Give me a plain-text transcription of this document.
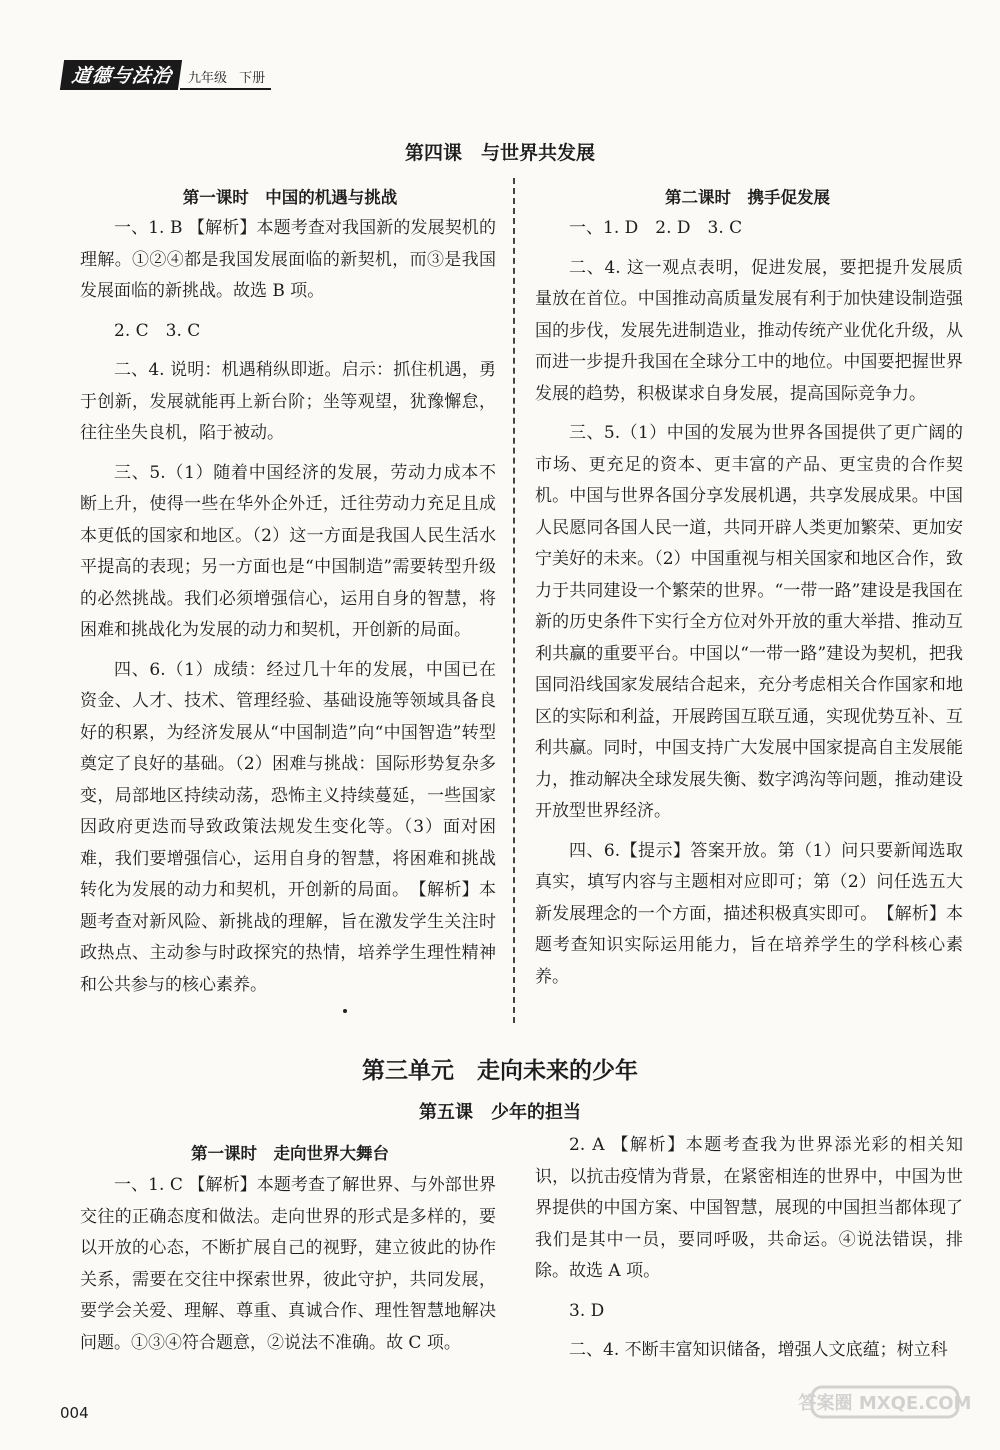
道德与法治	九年级 下册
第四课　与世界共发展
第一课时　中国的机遇与挑战	第二课时　携手促发展

一、1. B 【解析】本题考查对我国新的发展契机的理解。①②④都是我国发展面临的新契机，而③是我国发展面临的新挑战。故选 B 项。

2. C　3. C

二、4. 说明：机遇稍纵即逝。启示：抓住机遇，勇于创新，发展就能再上新台阶；坐等观望，犹豫懈怠，往往坐失良机，陷于被动。

三、5.（1）随着中国经济的发展，劳动力成本不断上升，使得一些在华外企外迁，迁往劳动力充足且成本更低的国家和地区。（2）这一方面是我国人民生活水平提高的表现；另一方面也是“中国制造”需要转型升级的必然挑战。我们必须增强信心，运用自身的智慧，将困难和挑战化为发展的动力和契机，开创新的局面。

四、6.（1）成绩：经过几十年的发展，中国已在资金、人才、技术、管理经验、基础设施等领域具备良好的积累，为经济发展从“中国制造”向“中国智造”转型奠定了良好的基础。（2）困难与挑战：国际形势复杂多变，局部地区持续动荡，恐怖主义持续蔓延，一些国家因政府更迭而导致政策法规发生变化等。（3）面对困难，我们要增强信心，运用自身的智慧，将困难和挑战转化为发展的动力和契机，开创新的局面。　【解析】本题考查对新风险、新挑战的理解，旨在激发学生关注时政热点、主动参与时政探究的热情，培养学生理性精神和公共参与的核心素养。

一、1. D　2. D　3. C

二、4. 这一观点表明，促进发展，要把提升发展质量放在首位。中国推动高质量发展有利于加快建设制造强国的步伐，发展先进制造业，推动传统产业优化升级，从而进一步提升我国在全球分工中的地位。中国要把握世界发展的趋势，积极谋求自身发展，提高国际竞争力。

三、5.（1）中国的发展为世界各国提供了更广阔的市场、更充足的资本、更丰富的产品、更宝贵的合作契机。中国与世界各国分享发展机遇，共享发展成果。中国人民愿同各国人民一道，共同开辟人类更加繁荣、更加安宁美好的未来。（2）中国重视与相关国家和地区合作，致力于共同建设一个繁荣的世界。“一带一路”建设是我国在新的历史条件下实行全方位对外开放的重大举措、推动互利共赢的重要平台。中国以“一带一路”建设为契机，把我国同沿线国家发展结合起来，充分考虑相关合作国家和地区的实际和利益，开展跨国互联互通，实现优势互补、互利共赢。同时，中国支持广大发展中国家提高自主发展能力，推动解决全球发展失衡、数字鸿沟等问题，推动建设开放型世界经济。

四、6.【提示】答案开放。第（1）问只要新闻选取真实，填写内容与主题相对应即可；第（2）问任选五大新发展理念的一个方面，描述积极真实即可。　【解析】本题考查知识实际运用能力，旨在培养学生的学科核心素养。

第三单元　走向未来的少年
第五课　少年的担当
第一课时　走向世界大舞台

一、1. C 【解析】本题考查了解世界、与外部世界交往的正确态度和做法。走向世界的形式是多样的，要以开放的心态，不断扩展自己的视野，建立彼此的协作关系，需要在交往中探索世界，彼此守护，共同发展，要学会关爱、理解、尊重、真诚合作、理性智慧地解决问题。①③④符合题意，②说法不准确。故 C 项。

2. A 【解析】本题考查我为世界添光彩的相关知识，以抗击疫情为背景，在紧密相连的世界中，中国为世界提供的中国方案、中国智慧，展现的中国担当都体现了我们是其中一员，要同呼吸，共命运。④说法错误，排除。故选 A 项。

3. D

二、4. 不断丰富知识储备，增强人文底蕴；树立科

004	答案圈 MXQE.COM
